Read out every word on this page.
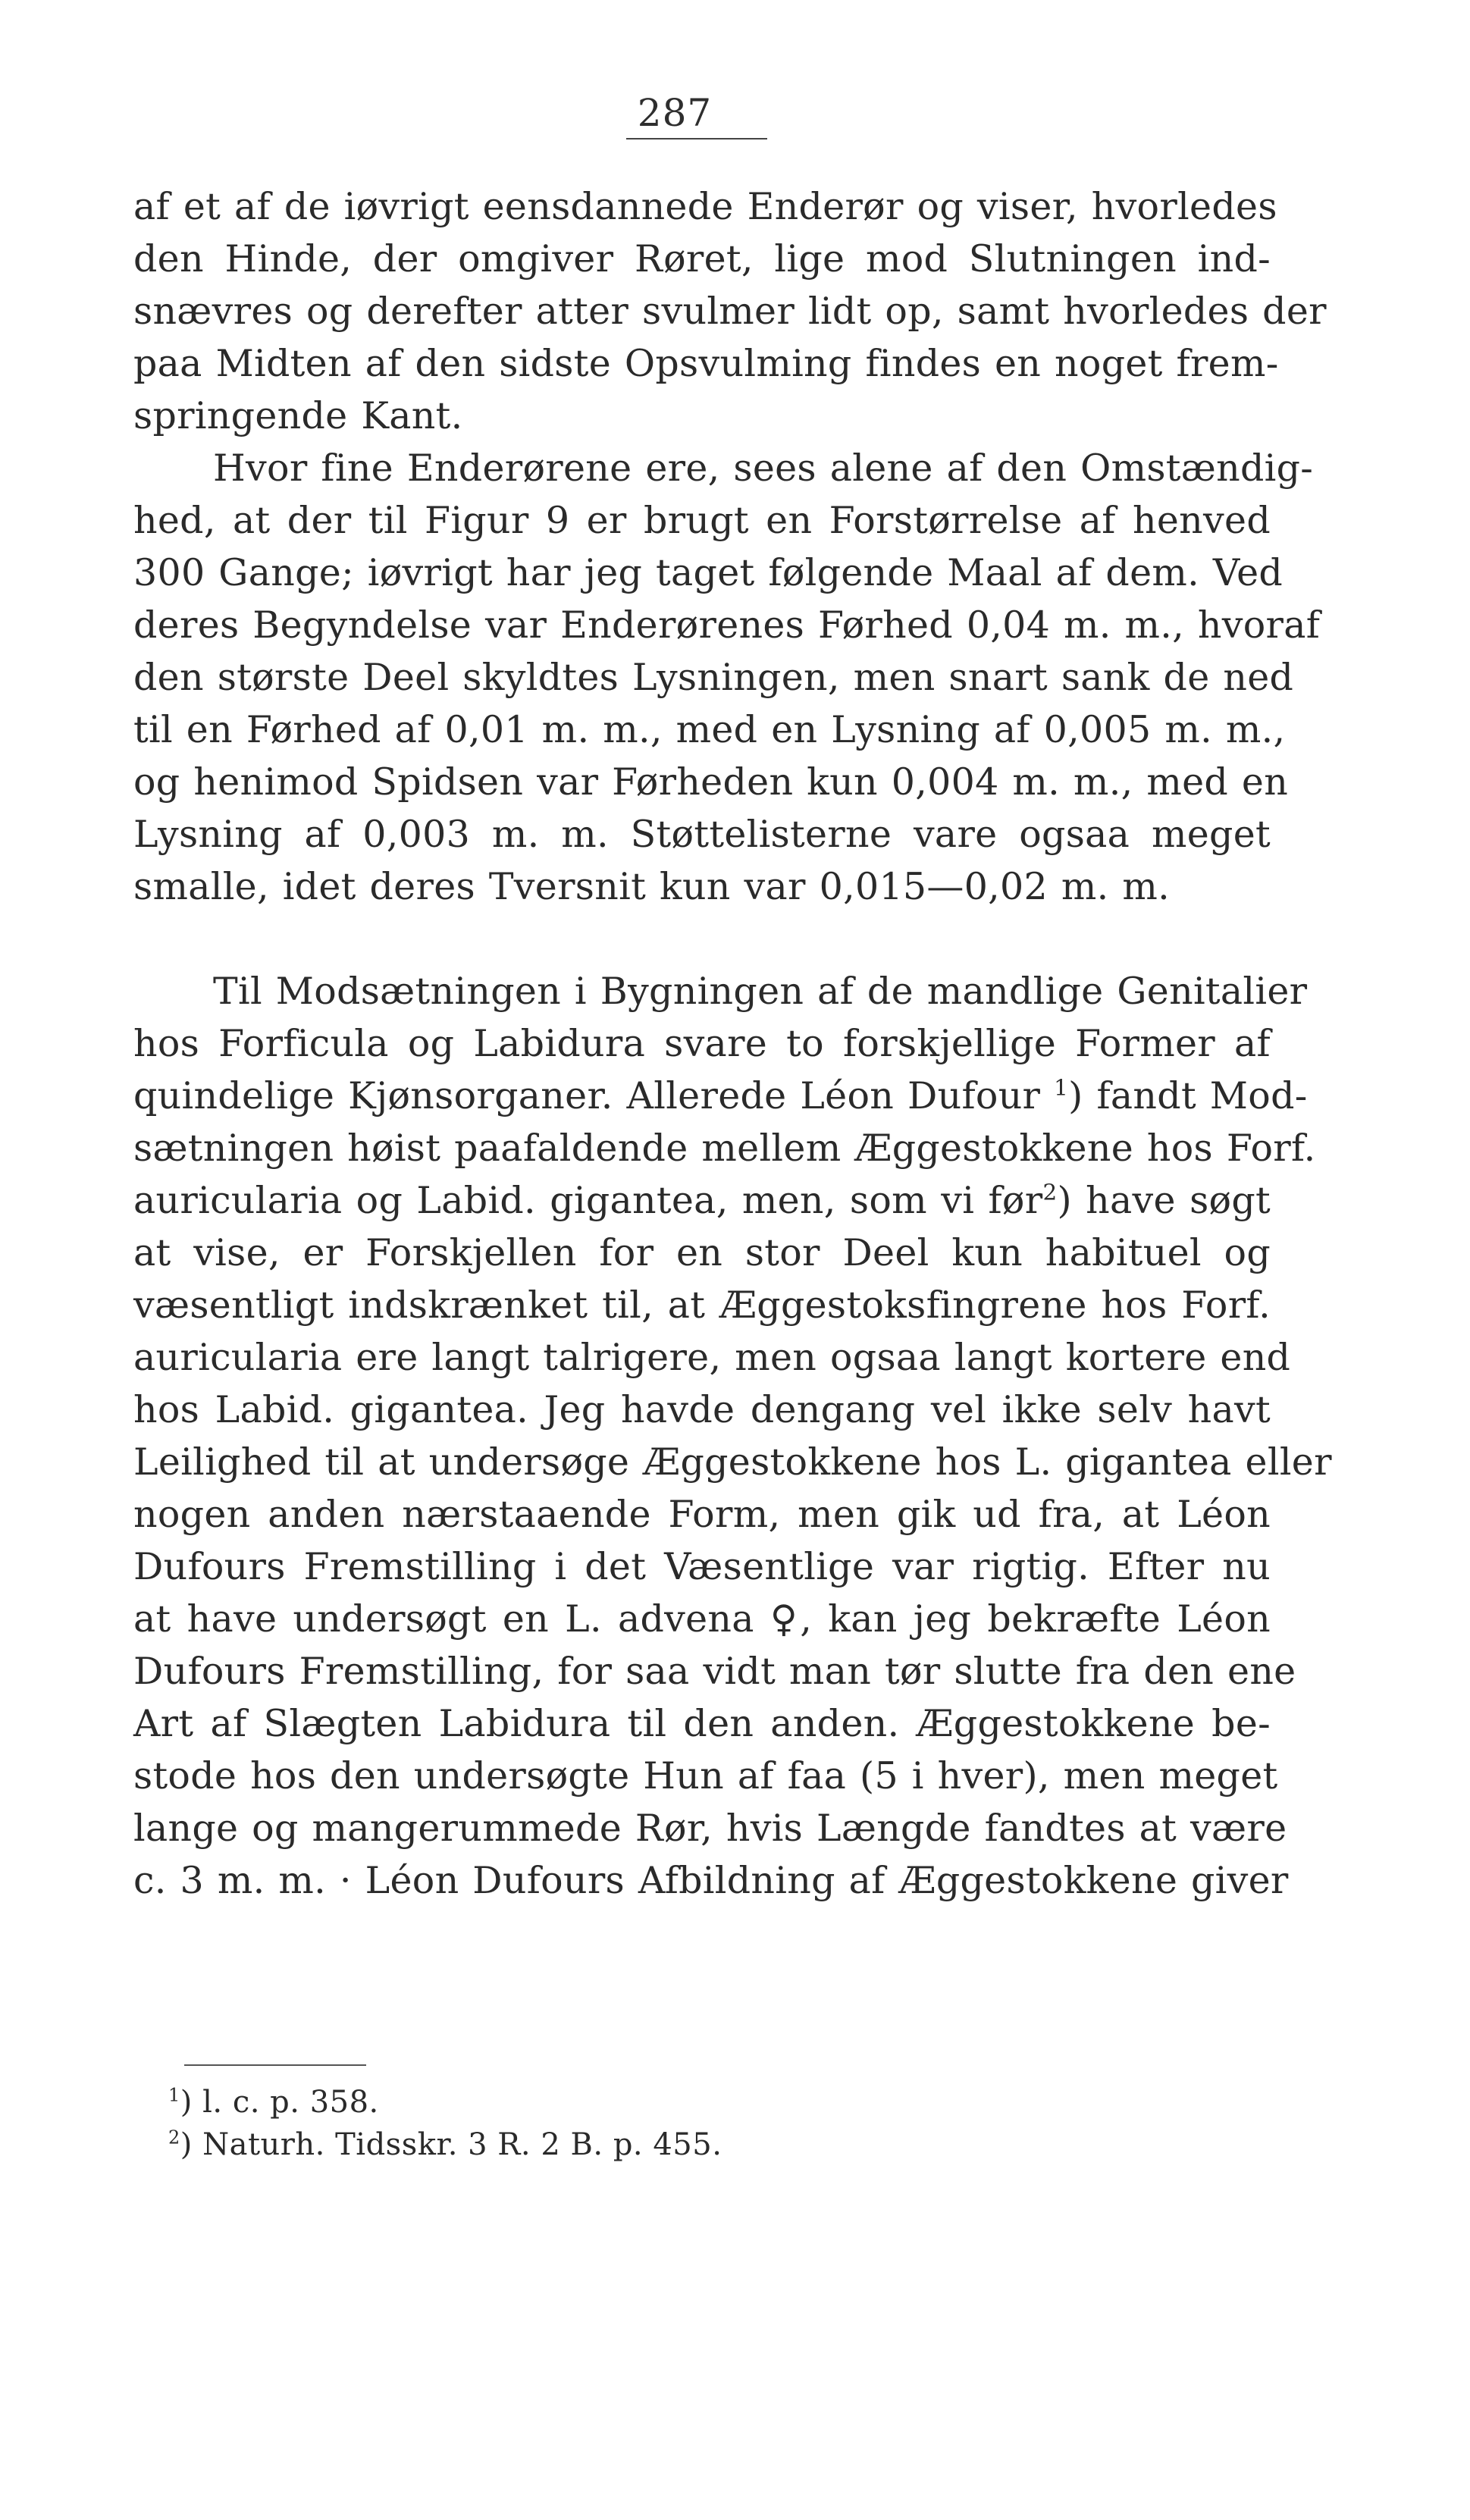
287
af et af de iøvrigt eensdannede Enderør og viser, hvorledes
den Hinde, der omgiver Røret, lige mod Slutningen ind-
snævres og derefter atter svulmer lidt op, samt hvorledes der
paa Midten af den sidste Opsvulming findes en noget frem-
springende Kant.
Hvor fine Enderørene ere, sees alene af den Omstændig-
hed, at der til Figur 9 er brugt en Forstørrelse af henved
300 Gange; iøvrigt har jeg taget følgende Maal af dem. Ved
deres Begyndelse var Enderørenes Førhed 0,04 m. m., hvoraf
den største Deel skyldtes Lysningen, men snart sank de ned
til en Førhed af 0,01 m. m., med en Lysning af 0,005 m. m.,
og henimod Spidsen var Førheden kun 0,004 m. m., med en
Lysning af 0,003 m. m. Støttelisterne vare ogsaa meget
smalle, idet deres Tversnit kun var 0,015—0,02 m. m.
Til Modsætningen i Bygningen af de mandlige Genitalier
hos Forficula og Labidura svare to forskjellige Former af
quindelige Kjønsorganer. Allerede Léon Dufour $^1$) fandt Mod-
sætningen høist paafaldende mellem Æggestokkene hos Forf.
auricularia og Labid. gigantea, men, som vi før$^2$) have søgt
at vise, er Forskjellen for en stor Deel kun habituel og
væsentligt indskrænket til, at Æggestoksfingrene hos Forf.
auricularia ere langt talrigere, men ogsaa langt kortere end
hos Labid. gigantea. Jeg havde dengang vel ikke selv havt
Leilighed til at undersøge Æggestokkene hos L. gigantea eller
nogen anden nærstaaende Form, men gik ud fra, at Léon
Dufours Fremstilling i det Væsentlige var rigtig. Efter nu
at have undersøgt en L. advena ♀, kan jeg bekræfte Léon
Dufours Fremstilling, for saa vidt man tør slutte fra den ene
Art af Slægten Labidura til den anden. Æggestokkene be-
stode hos den undersøgte Hun af faa (5 i hver), men meget
lange og mangerummede Rør, hvis Længde fandtes at være
c. 3 m. m. · Léon Dufours Afbildning af Æggestokkene giver
$^1$) l. c. p. 358.
$^2$) Naturh. Tidsskr. 3 R. 2 B. p. 455.
